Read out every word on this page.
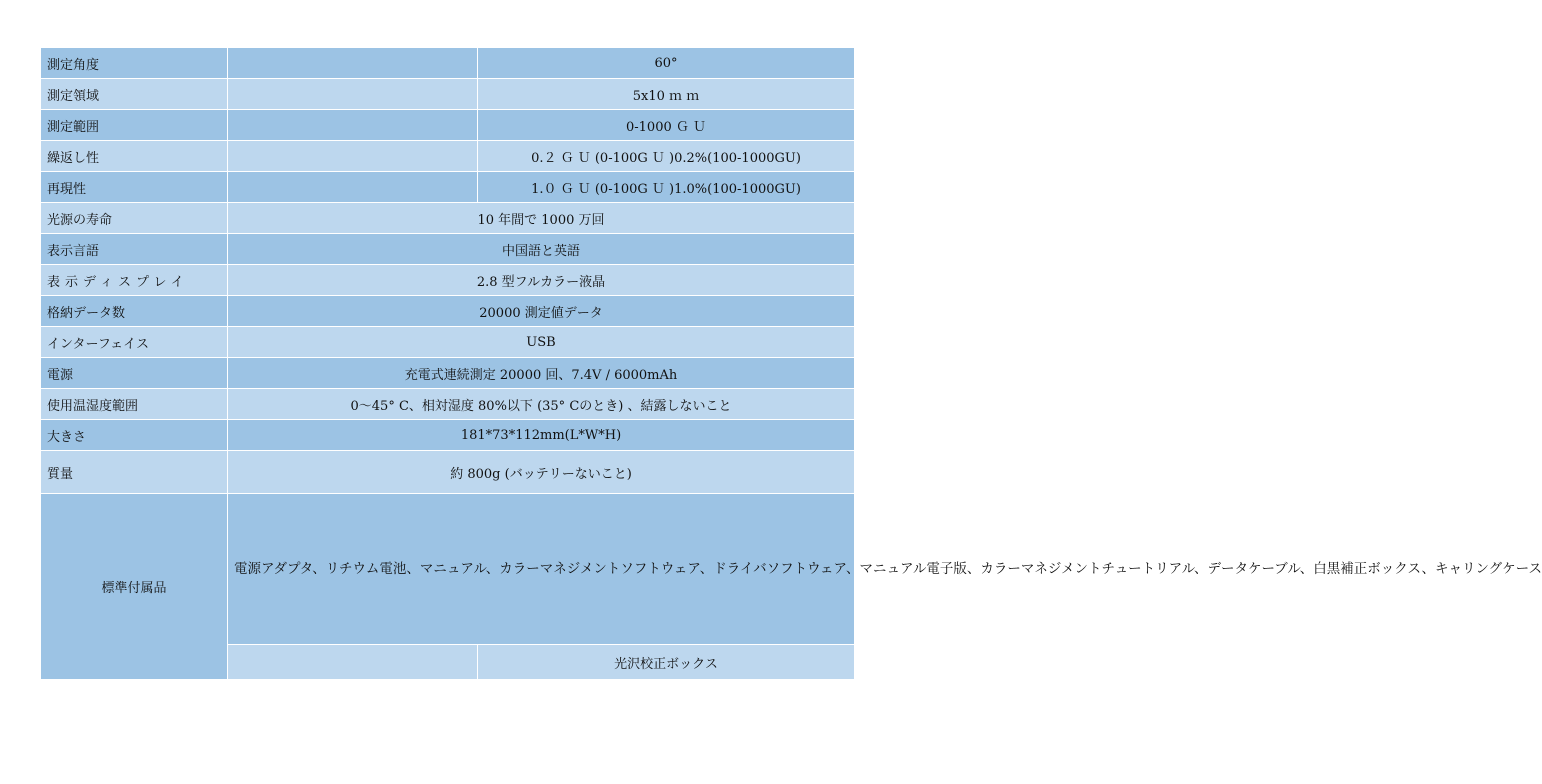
測定角度		60°
測定領域		5x10 ｍ ｍ
測定範囲		0-1000 Ｇ Ｕ
繰返し性		0.２ Ｇ Ｕ (0-100G Ｕ )0.2%(100-1000GU)
再現性		1.０ Ｇ Ｕ (0-100G Ｕ )1.0%(100-1000GU)
光源の寿命	10 年間で 1000 万回	
表示言語	中国語と英語	
表示ディスプレイ	2.8 型フルカラー液晶	
格納データ数	20000 測定値データ	
インターフェイス	USB	
電源	充電式連続測定 20000 回、7.4V / 6000mAh	
使用温湿度範囲	0～45° C、相対湿度 80%以下 (35° Cのとき) 、結露しないこと	
大きさ	181*73*112mm(L*W*H)	
質量	約 800g (バッテリーないこと)	
標準付属品	電源アダプタ、リチウム電池、マニュアル、カラーマネジメントソフトウェア、ドライバソフトウェア、マニュアル電子版、カラーマネジメントチュートリアル、データケーブル、白黒補正ボックス、キャリングケース	
		光沢校正ボックス
